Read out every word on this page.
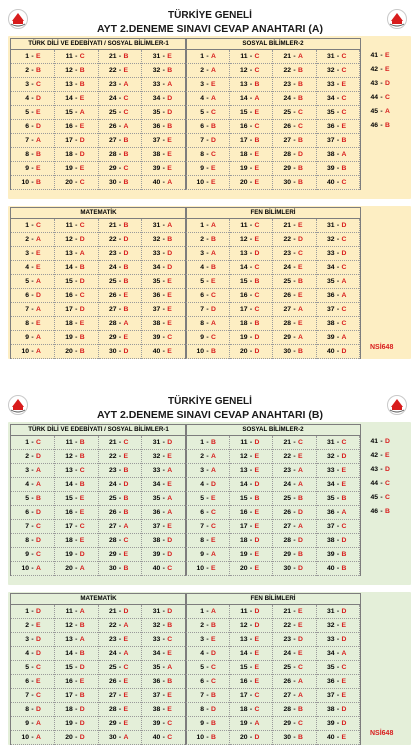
TÜRKİYE GENELİ
AYT 2.DENEME SINAVI CEVAP ANAHTARI (A)
TÜRK DİLİ VE EDEBİYATI / SOSYAL BİLİMLER-1
1 - E
2 - B
3 - C
4 - D
5 - E
6 - D
7 - A
8 - B
9 - E
10 - B
11 - C
12 - B
13 - B
14 - E
15 - A
16 - E
17 - D
18 - D
19 - E
20 - C
21 - B
22 - E
23 - A
24 - C
25 - C
26 - A
27 - B
28 - B
29 - C
30 - B
31 - E
32 - B
33 - A
34 - D
35 - D
36 - B
37 - E
38 - E
39 - E
40 - A
SOSYAL BİLİMLER-2
1 - A
2 - A
3 - E
4 - A
5 - C
6 - B
7 - D
8 - C
9 - E
10 - E
11 - C
12 - C
13 - B
14 - A
15 - E
16 - C
17 - B
18 - E
19 - E
20 - E
21 - A
22 - B
23 - B
24 - B
25 - C
26 - C
27 - B
28 - D
29 - B
30 - B
31 - C
32 - C
33 - E
34 - C
35 - C
36 - E
37 - B
38 - A
39 - B
40 - C
41 - E
42 - E
43 - D
44 - C
45 - A
46 - B
MATEMATİK
1 - C
2 - A
3 - E
4 - E
5 - A
6 - D
7 - A
8 - E
9 - A
10 - A
11 - C
12 - D
13 - A
14 - B
15 - D
16 - C
17 - D
18 - E
19 - B
20 - B
21 - B
22 - D
23 - D
24 - B
25 - B
26 - E
27 - B
28 - A
29 - E
30 - D
31 - A
32 - B
33 - D
34 - D
35 - E
36 - E
37 - E
38 - E
39 - C
40 - E
FEN BİLİMLERİ
1 - A
2 - B
3 - A
4 - B
5 - E
6 - C
7 - D
8 - A
9 - C
10 - B
11 - C
12 - E
13 - D
14 - C
15 - B
16 - C
17 - C
18 - B
19 - D
20 - D
21 - E
22 - D
23 - C
24 - E
25 - B
26 - E
27 - A
28 - E
29 - A
30 - B
31 - D
32 - C
33 - D
34 - C
35 - A
36 - A
37 - C
38 - C
39 - A
40 - D
NSİ648
TÜRKİYE GENELİ
AYT 2.DENEME SINAVI CEVAP ANAHTARI (B)
TÜRK DİLİ VE EDEBİYATI / SOSYAL BİLİMLER-1
1 - C
2 - D
3 - A
4 - A
5 - B
6 - D
7 - C
8 - D
9 - C
10 - A
11 - B
12 - B
13 - C
14 - B
15 - E
16 - E
17 - C
18 - E
19 - D
20 - A
21 - C
22 - E
23 - B
24 - D
25 - B
26 - B
27 - A
28 - C
29 - E
30 - B
31 - D
32 - E
33 - A
34 - E
35 - A
36 - A
37 - E
38 - D
39 - D
40 - C
SOSYAL BİLİMLER-2
1 - B
2 - A
3 - A
4 - D
5 - E
6 - C
7 - C
8 - E
9 - A
10 - E
11 - D
12 - E
13 - E
14 - D
15 - B
16 - E
17 - E
18 - D
19 - E
20 - E
21 - C
22 - E
23 - A
24 - A
25 - B
26 - D
27 - A
28 - D
29 - B
30 - D
31 - C
32 - D
33 - E
34 - E
35 - B
36 - A
37 - C
38 - D
39 - B
40 - B
41 - D
42 - E
43 - D
44 - C
45 - C
46 - B
MATEMATİK
1 - D
2 - E
3 - D
4 - D
5 - C
6 - E
7 - C
8 - D
9 - A
10 - A
11 - A
12 - B
13 - A
14 - B
15 - D
16 - E
17 - B
18 - D
19 - D
20 - D
21 - D
22 - A
23 - E
24 - A
25 - C
26 - E
27 - E
28 - E
29 - E
30 - A
31 - D
32 - B
33 - C
34 - E
35 - A
36 - B
37 - E
38 - E
39 - C
40 - C
FEN BİLİMLERİ
1 - A
2 - B
3 - E
4 - D
5 - C
6 - C
7 - B
8 - D
9 - B
10 - B
11 - D
12 - D
13 - E
14 - E
15 - E
16 - E
17 - C
18 - C
19 - A
20 - D
21 - E
22 - E
23 - D
24 - E
25 - C
26 - A
27 - A
28 - B
29 - C
30 - B
31 - D
32 - E
33 - D
34 - A
35 - C
36 - E
37 - E
38 - D
39 - D
40 - E
NSİ648
